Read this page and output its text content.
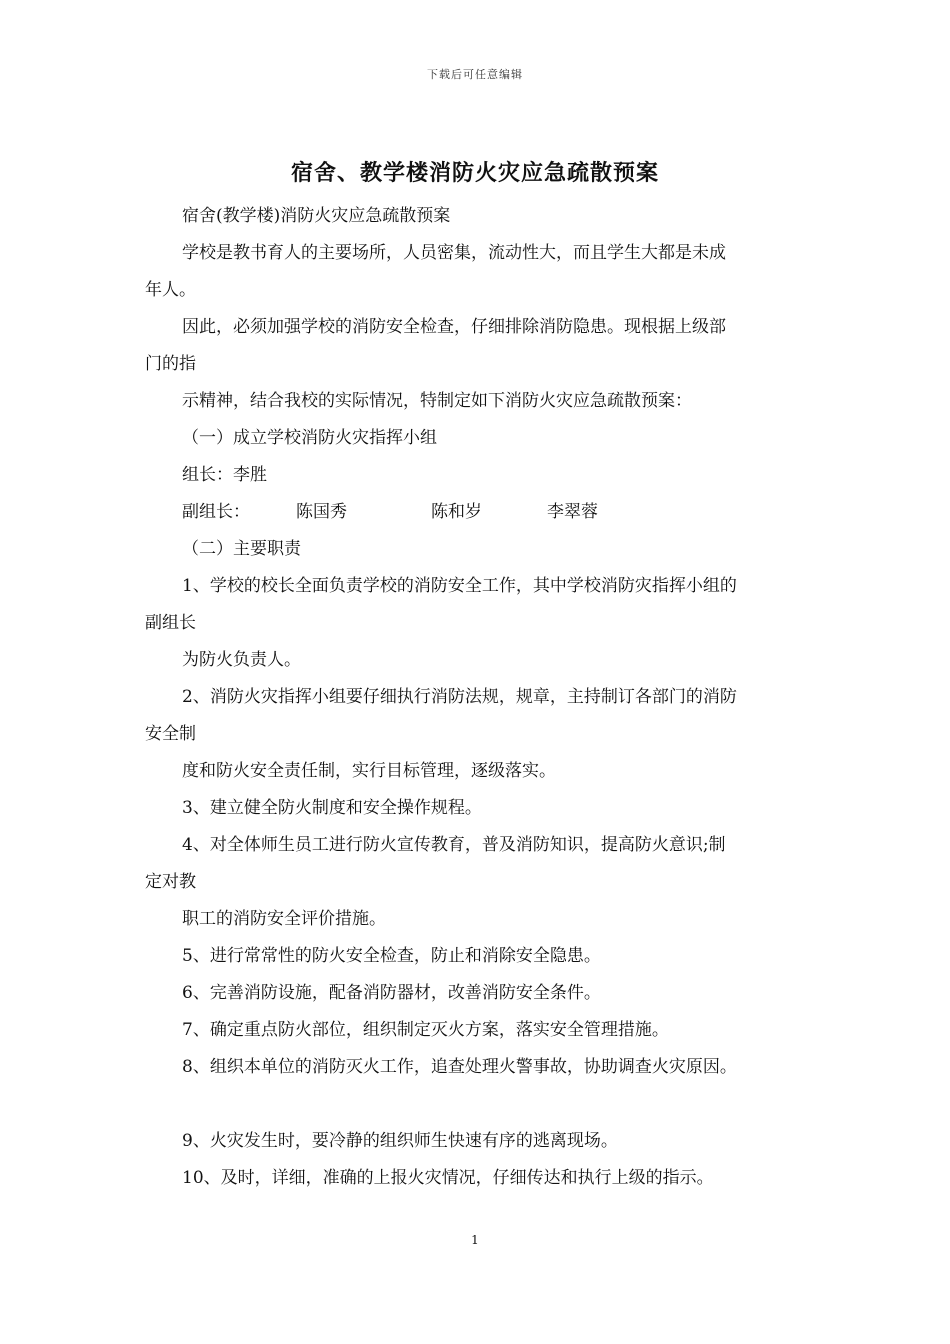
下载后可任意编辑
宿舍、教学楼消防火灾应急疏散预案

宿舍(教学楼)消防火灾应急疏散预案

学校是教书育人的主要场所，人员密集，流动性大，而且学生大都是未成

年人。

因此，必须加强学校的消防安全检查，仔细排除消防隐患。现根据上级部

门的指

示精神，结合我校的实际情况，特制定如下消防火灾应急疏散预案：

（一）成立学校消防火灾指挥小组

组长：李胜

副组长：	陈国秀	陈和岁	李翠蓉

（二）主要职责

1、学校的校长全面负责学校的消防安全工作，其中学校消防灾指挥小组的

副组长

为防火负责人。

2、消防火灾指挥小组要仔细执行消防法规，规章，主持制订各部门的消防

安全制

度和防火安全责任制，实行目标管理，逐级落实。

3、建立健全防火制度和安全操作规程。

4、对全体师生员工进行防火宣传教育，普及消防知识，提高防火意识;制

定对教

职工的消防安全评价措施。

5、进行常常性的防火安全检查，防止和消除安全隐患。

6、完善消防设施，配备消防器材，改善消防安全条件。

7、确定重点防火部位，组织制定灭火方案，落实安全管理措施。

8、组织本单位的消防灭火工作，追查处理火警事故，协助调查火灾原因。

9、火灾发生时，要冷静的组织师生快速有序的逃离现场。

10、及时，详细，准确的上报火灾情况，仔细传达和执行上级的指示。

1
